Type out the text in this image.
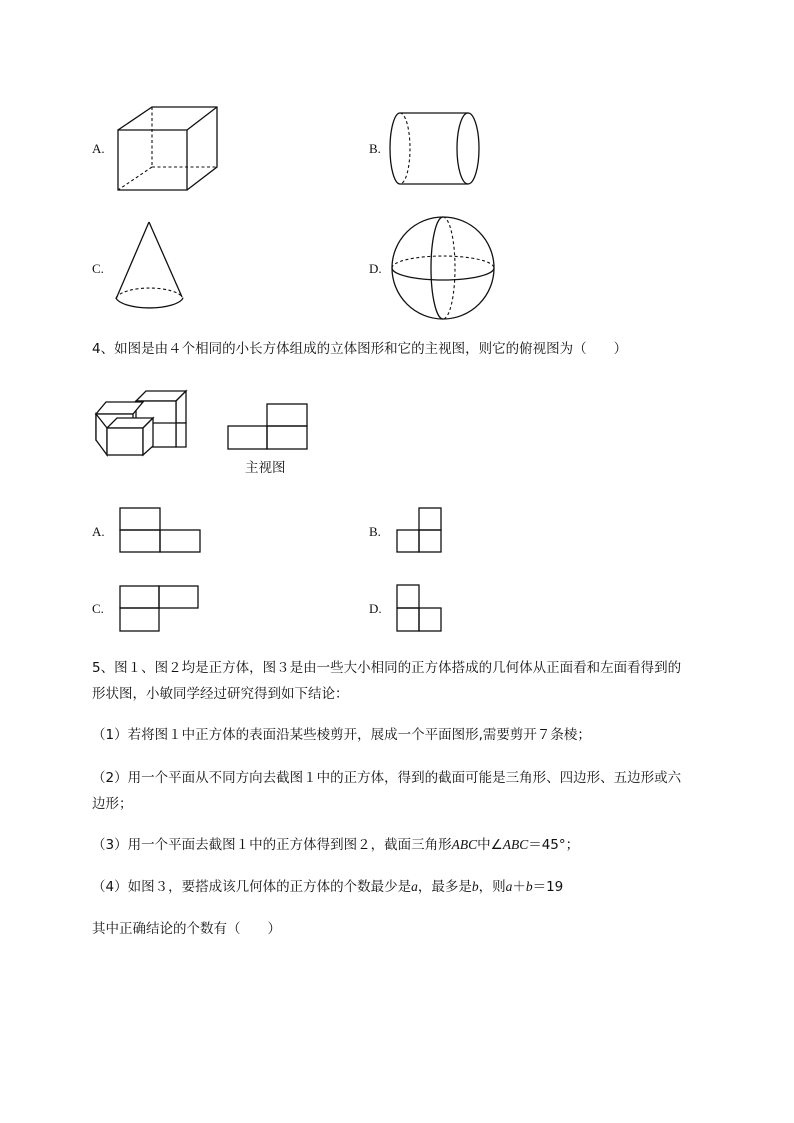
A.	B.
C.	D.
4、如图是由４个相同的小长方体组成的立体图形和它的主视图，则它的俯视图为（　　）
主视图
A.	B.
C.	D.
5、图１、图２均是正方体，图３是由一些大小相同的正方体搭成的几何体从正面看和左面看得到的
形状图，小敏同学经过研究得到如下结论：
（1）若将图１中正方体的表面沿某些棱剪开，展成一个平面图形,需要剪开７条棱；
（2）用一个平面从不同方向去截图１中的正方体，得到的截面可能是三角形、四边形、五边形或六
边形；
（3）用一个平面去截图１中的正方体得到图２，截面三角形ABC中∠ABC＝45°；
（4）如图３，要搭成该几何体的正方体的个数最少是a，最多是b，则a＋b＝19
其中正确结论的个数有（　　）
